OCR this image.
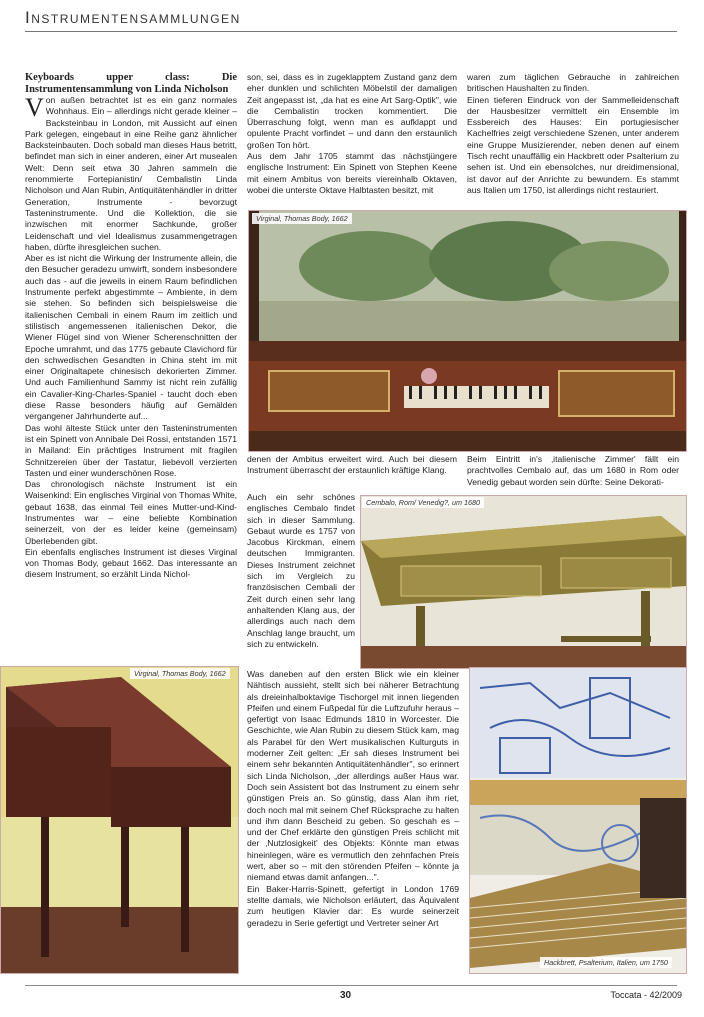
Instrumentensammlungen

Keyboards upper class: Die Instrumentensammlung von Linda Nicholson

Von außen betrachtet ist es ein ganz normales Wohnhaus. Ein – allerdings nicht gerade kleiner – Backsteinbau in London, mit Aussicht auf einen Park gelegen, eingebaut in eine Reihe ganz ähnlicher Backsteinbauten. Doch sobald man dieses Haus betritt, befindet man sich in einer anderen, einer Art musealen Welt: Denn seit etwa 30 Jahren sammeln die renommierte Fortepianistin/ Cembalistin Linda Nicholson und Alan Rubin, Antiquitätenhändler in dritter Generation, Instrumente - bevorzugt Tasteninstrumente. Und die Kollektion, die sie inzwischen mit enormer Sachkunde, großer Leidenschaft und viel Idealismus zusammengetragen haben, dürfte ihresgleichen suchen.

Aber es ist nicht die Wirkung der Instrumente allein, die den Besucher geradezu umwirft, sondern insbesondere auch das - auf die jeweils in einem Raum befindlichen Instrumente perfekt abgestimmte – Ambiente, in dem sie stehen. So befinden sich beispielsweise die italienischen Cembali in einem Raum im zeitlich und stilistisch angemessenen italienischen Dekor, die Wiener Flügel sind von Wiener Scherenschnitten der Epoche umrahmt, und das 1775 gebaute Clavichord für den schwedischen Gesandten in China steht im mit einer Originaltapete chinesisch dekorierten Zimmer. Und auch Familienhund Sammy ist nicht rein zufällig ein Cavalier-King-Charles-Spaniel - taucht doch eben diese Rasse besonders häufig auf Gemälden vergangener Jahrhunderte auf...

Das wohl älteste Stück unter den Tasteninstrumenten ist ein Spinett von Annibale Dei Rossi, entstanden 1571 in Mailand: Ein prächtiges Instrument mit fragilen Schnitzereien über der Tastatur, liebevoll verzierten Tasten und einer wunderschönen Rose.

Das chronologisch nächste Instrument ist ein Waisenkind: Ein englisches Virginal von Thomas White, gebaut 1638, das einmal Teil eines Mutter-und-Kind-Instrumentes war – eine beliebte Kombination seinerzeit, von der es leider keine (gemeinsam) Überlebenden gibt.

Ein ebenfalls englisches Instrument ist dieses Virginal von Thomas Body, gebaut 1662. Das interessante an diesem Instrument, so erzählt Linda Nichol-

son, sei, dass es in zugeklapptem Zustand ganz dem eher dunklen und schlichten Möbelstil der damaligen Zeit angepasst ist, „da hat es eine Art Sarg-Optik", wie die Cembalistin trocken kommentiert. Die Überraschung folgt, wenn man es aufklappt und opulente Pracht vorfindet – und dann den erstaunlich großen Ton hört.

Aus dem Jahr 1705 stammt das nächstjüngere englische Instrument: Ein Spinett von Stephen Keene mit einem Ambitus von bereits viereinhalb Oktaven, wobei die unterste Oktave Halbtasten besitzt, mit

waren zum täglichen Gebrauche in zahlreichen britischen Haushalten zu finden.

Einen tieferen Eindruck von der Sammelleidenschaft der Hausbesitzer vermittelt ein Ensemble im Essbereich des Hauses: Ein portugiesischer Kachelfries zeigt verschiedene Szenen, unter anderem eine Gruppe Musizierender, neben denen auf einem Tisch recht unauffällig ein Hackbrett oder Psalterium zu sehen ist. Und ein ebensolches, nur dreidimensional, ist davor auf der Anrichte zu bewundern. Es stammt aus Italien um 1750, ist allerdings nicht restauriert.

Virginal, Thomas Body, 1662

denen der Ambitus erweitert wird. Auch bei diesem Instrument überrascht der erstaunlich kräftige Klang.

Beim Eintritt in's ‚italienische Zimmer' fällt ein prachtvolles Cembalo auf, das um 1680 in Rom oder Venedig gebaut worden sein dürfte: Seine Dekorati-

Auch ein sehr schönes englisches Cembalo findet sich in dieser Sammlung. Gebaut wurde es 1757 von Jacobus Kirckman, einem deutschen Immigranten. Dieses Instrument zeichnet sich im Vergleich zu französischen Cembali der Zeit durch einen sehr lang anhaltenden Klang aus, der allerdings auch nach dem Anschlag lange braucht, um sich zu entwickeln.

Cembalo, Rom/ Venedig?, um 1680
Virginal, Thomas Body, 1662	Was daneben auf den ersten Blick wie ein kleiner Nähtisch aussieht, stellt sich bei näherer Betrachtung als dreieinhalboktavige Tischorgel mit innen liegenden Pfeifen und einem Fußpedal für die Luftzufuhr heraus – gefertigt von Isaac Edmunds 1810 in Worcester. Die Geschichte, wie Alan Rubin zu diesem Stück kam, mag als Parabel für den Wert musikalischen Kulturguts in moderner Zeit gelten: „Er sah dieses Instrument bei einem sehr bekannten Antiquitätenhändler", so erinnert sich Linda Nicholson, „der allerdings außer Haus war. Doch sein Assistent bot das Instrument zu einem sehr günstigen Preis an. So günstig, dass Alan ihm riet, doch noch mal mit seinem Chef Rücksprache zu halten und ihm dann Bescheid zu geben. So geschah es – und der Chef erklärte den günstigen Preis schlicht mit der ‚Nutzlosigkeit' des Objekts: Könnte man etwas hineinlegen, wäre es vermutlich den zehnfachen Preis wert, aber so – mit den störenden Pfeifen – könnte ja niemand etwas damit anfangen...".

Ein Baker-Harris-Spinett, gefertigt in London 1769 stellte damals, wie Nicholson erläutert, das Äquivalent zum heutigen Klavier dar: Es wurde seinerzeit geradezu in Serie gefertigt und Vertreter seiner Art

Hackbrett, Psalterium, Italien, um 1750
30	Toccata - 42/2009
